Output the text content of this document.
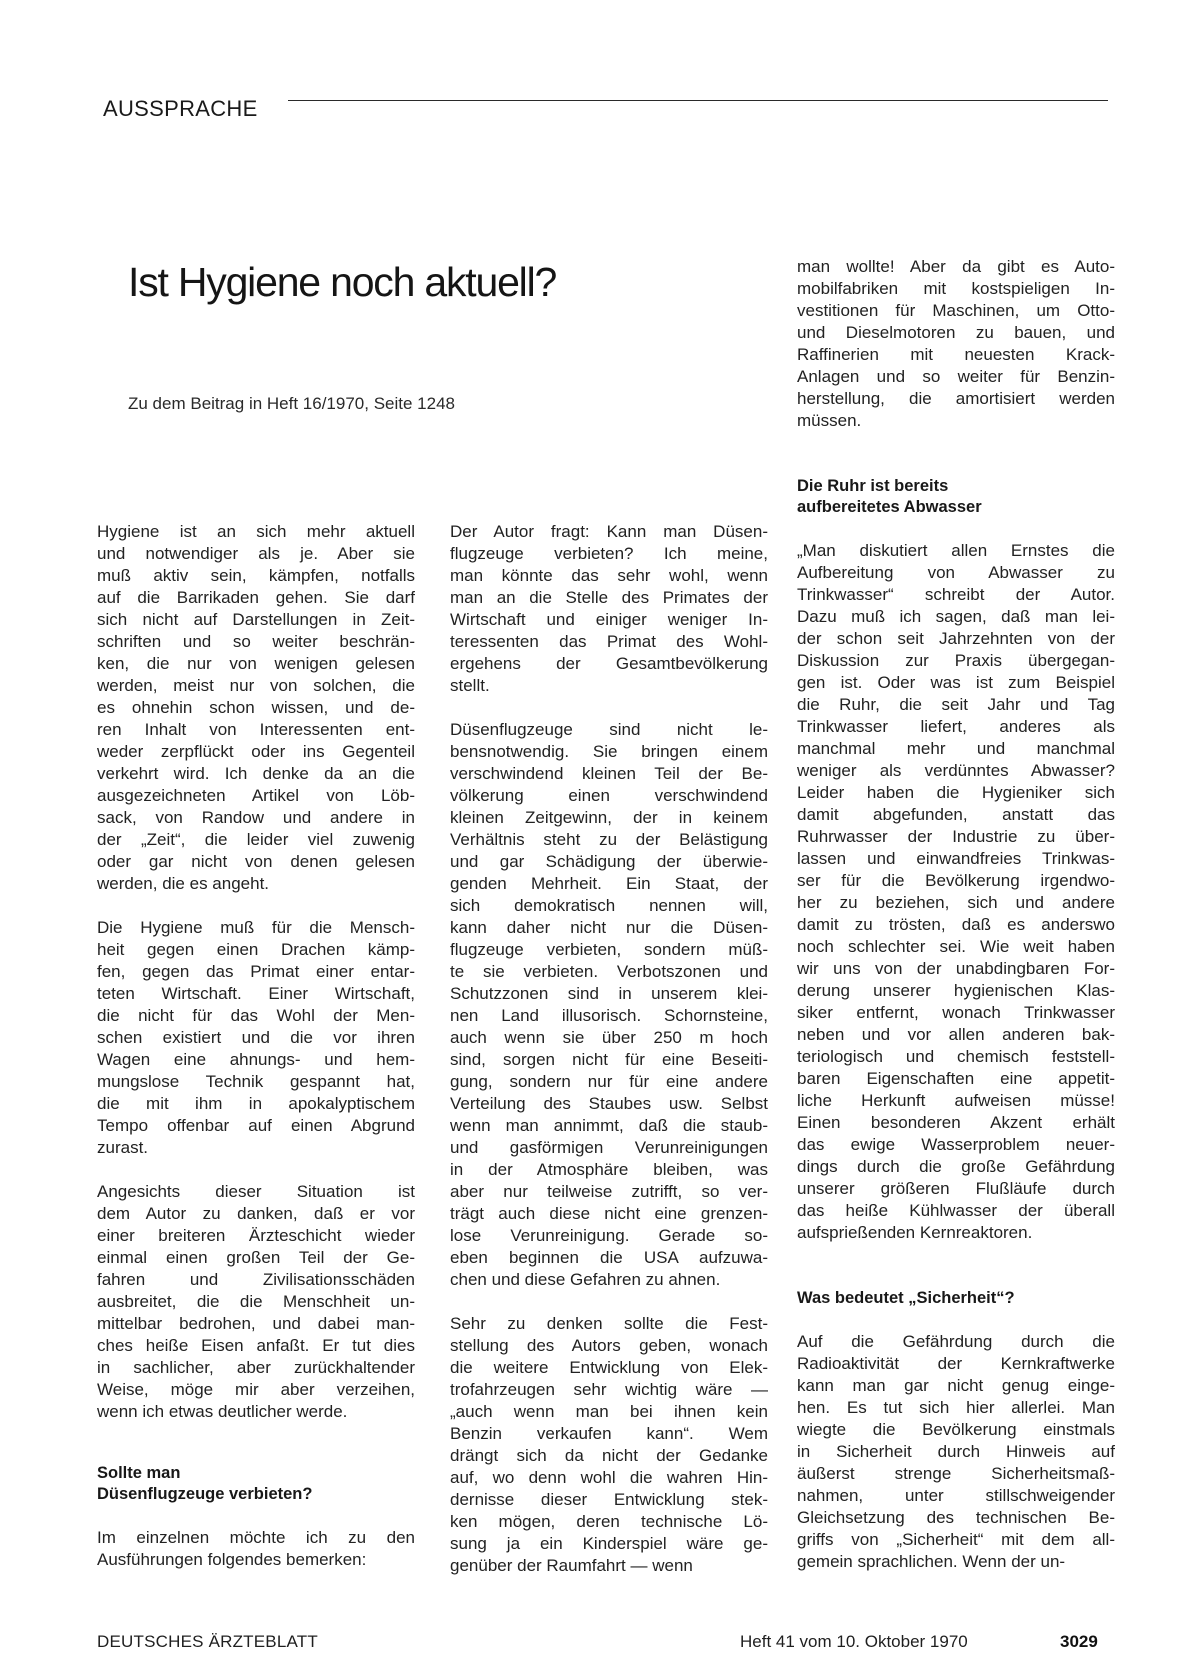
AUSSPRACHE
Ist Hygiene noch aktuell?
Zu dem Beitrag in Heft 16/1970, Seite 1248

Hygiene ist an sich mehr aktuell
und notwendiger als je. Aber sie
muß aktiv sein, kämpfen, notfalls
auf die Barrikaden gehen. Sie darf
sich nicht auf Darstellungen in Zeit-
schriften und so weiter beschrän-
ken, die nur von wenigen gelesen
werden, meist nur von solchen, die
es ohnehin schon wissen, und de-
ren Inhalt von Interessenten ent-
weder zerpflückt oder ins Gegenteil
verkehrt wird. Ich denke da an die
ausgezeichneten Artikel von Löb-
sack, von Randow und andere in
der „Zeit“, die leider viel zuwenig
oder gar nicht von denen gelesen
werden, die es angeht.

Die Hygiene muß für die Mensch-
heit gegen einen Drachen kämp-
fen, gegen das Primat einer entar-
teten Wirtschaft. Einer Wirtschaft,
die nicht für das Wohl der Men-
schen existiert und die vor ihren
Wagen eine ahnungs- und hem-
mungslose Technik gespannt hat,
die mit ihm in apokalyptischem
Tempo offenbar auf einen Abgrund
zurast.

Angesichts dieser Situation ist
dem Autor zu danken, daß er vor
einer breiteren Ärzteschicht wieder
einmal einen großen Teil der Ge-
fahren und Zivilisationsschäden
ausbreitet, die die Menschheit un-
mittelbar bedrohen, und dabei man-
ches heiße Eisen anfaßt. Er tut dies
in sachlicher, aber zurückhaltender
Weise, möge mir aber verzeihen,
wenn ich etwas deutlicher werde.

Sollte man
Düsenflugzeuge verbieten?

Im einzelnen möchte ich zu den
Ausführungen folgendes bemerken:

Der Autor fragt: Kann man Düsen-
flugzeuge verbieten? Ich meine,
man könnte das sehr wohl, wenn
man an die Stelle des Primates der
Wirtschaft und einiger weniger In-
teressenten das Primat des Wohl-
ergehens der Gesamtbevölkerung
stellt.

Düsenflugzeuge sind nicht le-
bensnotwendig. Sie bringen einem
verschwindend kleinen Teil der Be-
völkerung einen verschwindend
kleinen Zeitgewinn, der in keinem
Verhältnis steht zu der Belästigung
und gar Schädigung der überwie-
genden Mehrheit. Ein Staat, der
sich demokratisch nennen will,
kann daher nicht nur die Düsen-
flugzeuge verbieten, sondern müß-
te sie verbieten. Verbotszonen und
Schutzzonen sind in unserem klei-
nen Land illusorisch. Schornsteine,
auch wenn sie über 250 m hoch
sind, sorgen nicht für eine Beseiti-
gung, sondern nur für eine andere
Verteilung des Staubes usw. Selbst
wenn man annimmt, daß die staub-
und gasförmigen Verunreinigungen
in der Atmosphäre bleiben, was
aber nur teilweise zutrifft, so ver-
trägt auch diese nicht eine grenzen-
lose Verunreinigung. Gerade so-
eben beginnen die USA aufzuwa-
chen und diese Gefahren zu ahnen.

Sehr zu denken sollte die Fest-
stellung des Autors geben, wonach
die weitere Entwicklung von Elek-
trofahrzeugen sehr wichtig wäre —
„auch wenn man bei ihnen kein
Benzin verkaufen kann“. Wem
drängt sich da nicht der Gedanke
auf, wo denn wohl die wahren Hin-
dernisse dieser Entwicklung stek-
ken mögen, deren technische Lö-
sung ja ein Kinderspiel wäre ge-
genüber der Raumfahrt — wenn

man wollte! Aber da gibt es Auto-
mobilfabriken mit kostspieligen In-
vestitionen für Maschinen, um Otto-
und Dieselmotoren zu bauen, und
Raffinerien mit neuesten Krack-
Anlagen und so weiter für Benzin-
herstellung, die amortisiert werden
müssen.

Die Ruhr ist bereits
aufbereitetes Abwasser

„Man diskutiert allen Ernstes die
Aufbereitung von Abwasser zu
Trinkwasser“ schreibt der Autor.
Dazu muß ich sagen, daß man lei-
der schon seit Jahrzehnten von der
Diskussion zur Praxis übergegan-
gen ist. Oder was ist zum Beispiel
die Ruhr, die seit Jahr und Tag
Trinkwasser liefert, anderes als
manchmal mehr und manchmal
weniger als verdünntes Abwasser?
Leider haben die Hygieniker sich
damit abgefunden, anstatt das
Ruhrwasser der Industrie zu über-
lassen und einwandfreies Trinkwas-
ser für die Bevölkerung irgendwo-
her zu beziehen, sich und andere
damit zu trösten, daß es anderswo
noch schlechter sei. Wie weit haben
wir uns von der unabdingbaren For-
derung unserer hygienischen Klas-
siker entfernt, wonach Trinkwasser
neben und vor allen anderen bak-
teriologisch und chemisch feststell-
baren Eigenschaften eine appetit-
liche Herkunft aufweisen müsse!
Einen besonderen Akzent erhält
das ewige Wasserproblem neuer-
dings durch die große Gefährdung
unserer größeren Flußläufe durch
das heiße Kühlwasser der überall
aufsprießenden Kernreaktoren.

Was bedeutet „Sicherheit“?

Auf die Gefährdung durch die
Radioaktivität der Kernkraftwerke
kann man gar nicht genug einge-
hen. Es tut sich hier allerlei. Man
wiegte die Bevölkerung einstmals
in Sicherheit durch Hinweis auf
äußerst strenge Sicherheitsmaß-
nahmen, unter stillschweigender
Gleichsetzung des technischen Be-
griffs von „Sicherheit“ mit dem all-
gemein sprachlichen. Wenn der un-

DEUTSCHES ÄRZTEBLATT	Heft 41 vom 10. Oktober 1970	3029
